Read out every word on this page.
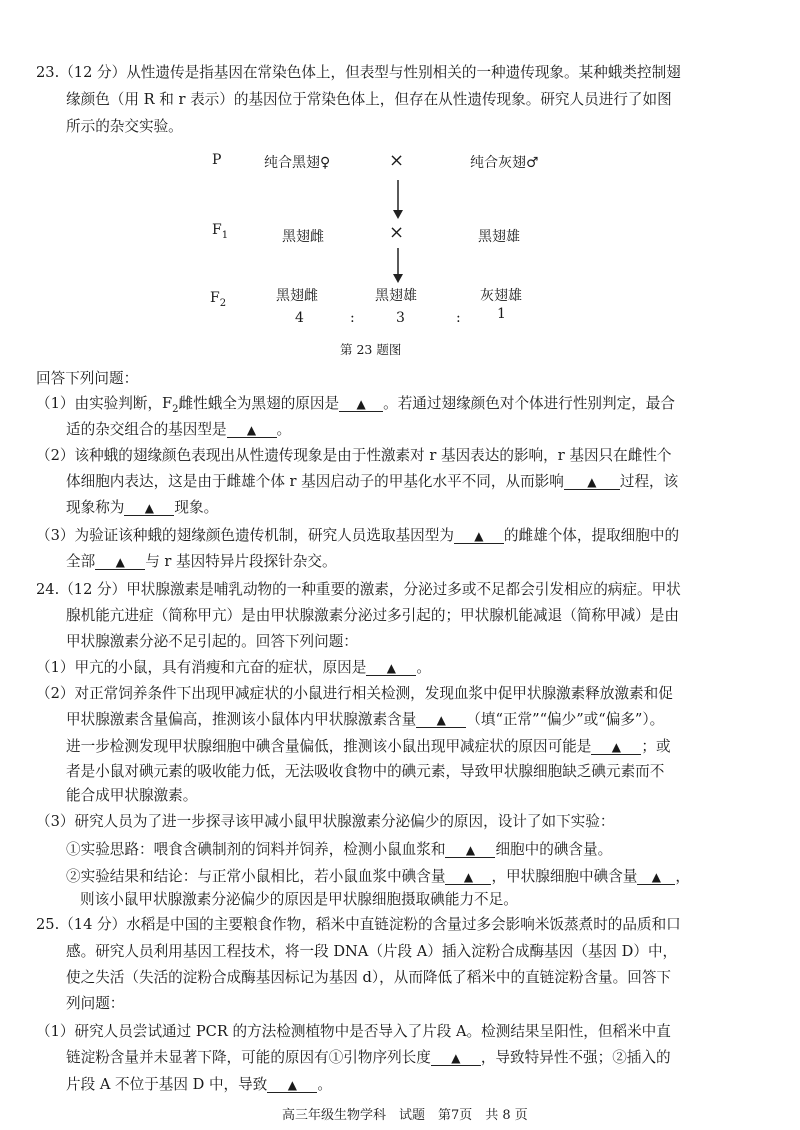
23.（12 分）从性遗传是指基因在常染色体上，但表型与性别相关的一种遗传现象。某种蛾类控制翅
缘颜色（用 R 和 r 表示）的基因位于常染色体上，但存在从性遗传现象。研究人员进行了如图
所示的杂交实验。
P	纯合黑翅♀	×	纯合灰翅♂
$F_1$	黑翅雌	×	黑翅雄
$F_2$	黑翅雌	黑翅雄	灰翅雄
4	:	3	:	1
第 23 题图
回答下列问题：
（1）由实验判断，$F_2$雌性蛾全为黑翅的原因是 ▲ 。若通过翅缘颜色对个体进行性别判定，最合
适的杂交组合的基因型是 ▲ 。
（2）该种蛾的翅缘颜色表现出从性遗传现象是由于性激素对 r 基因表达的影响，r 基因只在雌性个
体细胞内表达，这是由于雌雄个体 r 基因启动子的甲基化水平不同，从而影响 ▲ 过程，该
现象称为 ▲ 现象。
（3）为验证该种蛾的翅缘颜色遗传机制，研究人员选取基因型为 ▲ 的雌雄个体，提取细胞中的
全部 ▲ 与 r 基因特异片段探针杂交。
24.（12 分）甲状腺激素是哺乳动物的一种重要的激素，分泌过多或不足都会引发相应的病症。甲状
腺机能亢进症（简称甲亢）是由甲状腺激素分泌过多引起的；甲状腺机能减退（简称甲减）是由
甲状腺激素分泌不足引起的。回答下列问题：
（1）甲亢的小鼠，具有消瘦和亢奋的症状，原因是 ▲ 。
（2）对正常饲养条件下出现甲减症状的小鼠进行相关检测，发现血浆中促甲状腺激素释放激素和促
甲状腺激素含量偏高，推测该小鼠体内甲状腺激素含量 ▲ （填“正常”“偏少”或“偏多”）。
进一步检测发现甲状腺细胞中碘含量偏低，推测该小鼠出现甲减症状的原因可能是 ▲ ；或
者是小鼠对碘元素的吸收能力低，无法吸收食物中的碘元素，导致甲状腺细胞缺乏碘元素而不
能合成甲状腺激素。
（3）研究人员为了进一步探寻该甲减小鼠甲状腺激素分泌偏少的原因，设计了如下实验：
①实验思路：喂食含碘制剂的饲料并饲养，检测小鼠血浆和 ▲ 细胞中的碘含量。
②实验结果和结论：与正常小鼠相比，若小鼠血浆中碘含量 ▲ ，甲状腺细胞中碘含量 ▲ ，
则该小鼠甲状腺激素分泌偏少的原因是甲状腺细胞摄取碘能力不足。
25.（14 分）水稻是中国的主要粮食作物，稻米中直链淀粉的含量过多会影响米饭蒸煮时的品质和口
感。研究人员利用基因工程技术，将一段 DNA（片段 A）插入淀粉合成酶基因（基因 D）中，
使之失活（失活的淀粉合成酶基因标记为基因 d），从而降低了稻米中的直链淀粉含量。回答下
列问题：
（1）研究人员尝试通过 PCR 的方法检测植物中是否导入了片段 A。检测结果呈阳性，但稻米中直
链淀粉含量并未显著下降，可能的原因有①引物序列长度 ▲ ，导致特异性不强；②插入的
片段 A 不位于基因 D 中，导致 ▲ 。
高三年级生物学科　试题　第7页　共 8 页
